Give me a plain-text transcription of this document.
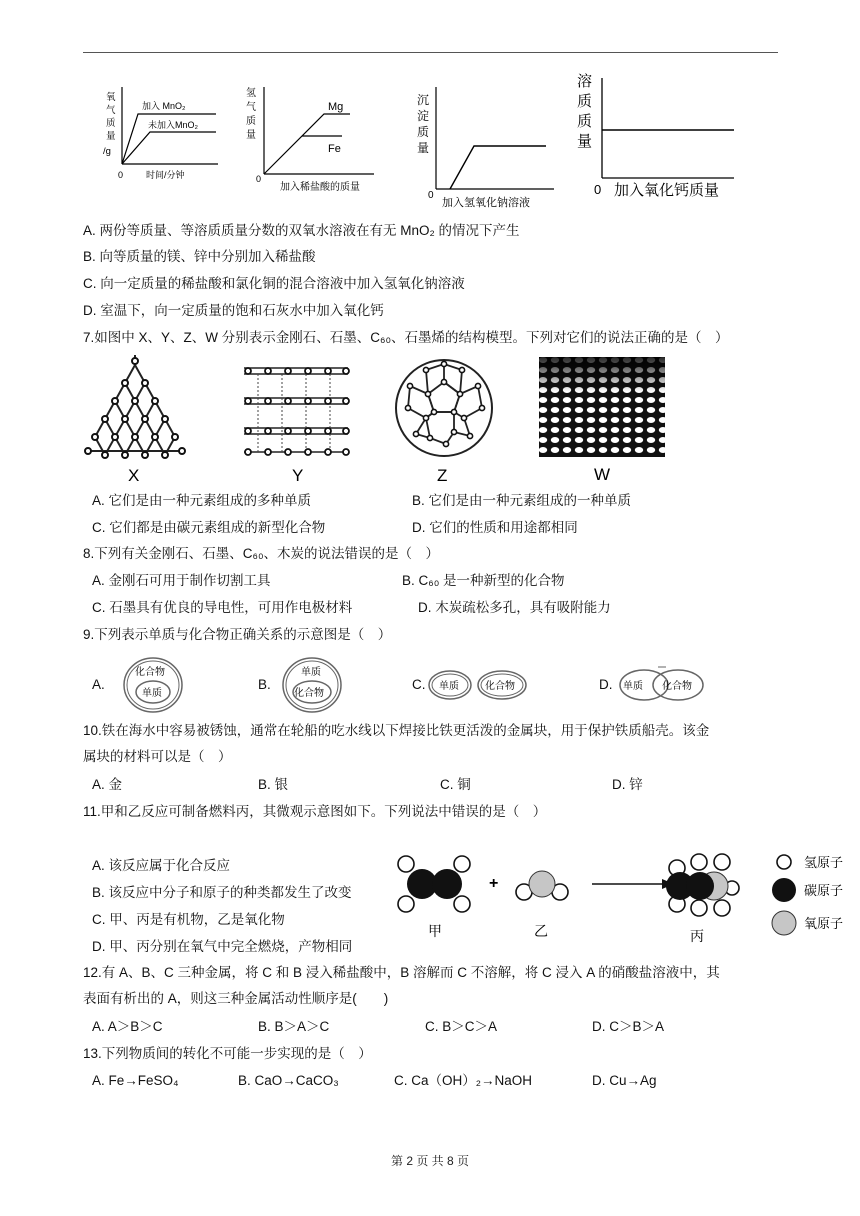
氧
气
质
量
/g
加入 MnO₂
未加入MnO₂
0	时间/分钟
氢
气
质
量
Mg
Fe
0
加入稀盐酸的质量
沉
淀
质
量
0
加入氢氧化钠溶液
溶
质
质
量
0 加入氧化钙质量
A. 两份等质量、等溶质质量分数的双氧水溶液在有无 MnO₂ 的情况下产生
B. 向等质量的镁、锌中分别加入稀盐酸
C. 向一定质量的稀盐酸和氯化铜的混合溶液中加入氢氧化钠溶液
D. 室温下，向一定质量的饱和石灰水中加入氧化钙
7.如图中 X、Y、Z、W 分别表示金刚石、石墨、C₆₀、石墨烯的结构模型。下列对它们的说法正确的是（　）
X	Y	Z	W
A. 它们是由一种元素组成的多种单质	B. 它们是由一种元素组成的一种单质
C. 它们都是由碳元素组成的新型化合物	D. 它们的性质和用途都相同
8.下列有关金刚石、石墨、C₆₀、木炭的说法错误的是（　）
A. 金刚石可用于制作切割工具	B. C₆₀ 是一种新型的化合物
C. 石墨具有优良的导电性，可用作电极材料	D. 木炭疏松多孔，具有吸附能力
9.下列表示单质与化合物正确关系的示意图是（　）
A.
化合物
单质
B.
单质
化合物
C. 单质	化合物	D. 单质 化合物
10.铁在海水中容易被锈蚀，通常在轮船的吃水线以下焊接比铁更活泼的金属块，用于保护铁质船壳。该金
属块的材料可以是（　）
A. 金	B. 银	C. 铜	D. 锌
11.甲和乙反应可制备燃料丙，其微观示意图如下。下列说法中错误的是（　）
A. 该反应属于化合反应
B. 该反应中分子和原子的种类都发生了改变
C. 甲、丙是有机物，乙是氧化物
D. 甲、丙分别在氧气中完全燃烧，产物相同
甲
+
乙	丙
氢原子
碳原子
氧原子
12.有 A、B、C 三种金属，将 C 和 B 浸入稀盐酸中，B 溶解而 C 不溶解，将 C 浸入 A 的硝酸盐溶液中，其
表面有析出的 A，则这三种金属活动性顺序是(　　)
A. A＞B＞C	B. B＞A＞C	C. B＞C＞A	D. C＞B＞A
13.下列物质间的转化不可能一步实现的是（　）
A. Fe→FeSO₄	B. CaO→CaCO₃	C. Ca（OH）₂→NaOH	D. Cu→Ag
第 2 页 共 8 页
